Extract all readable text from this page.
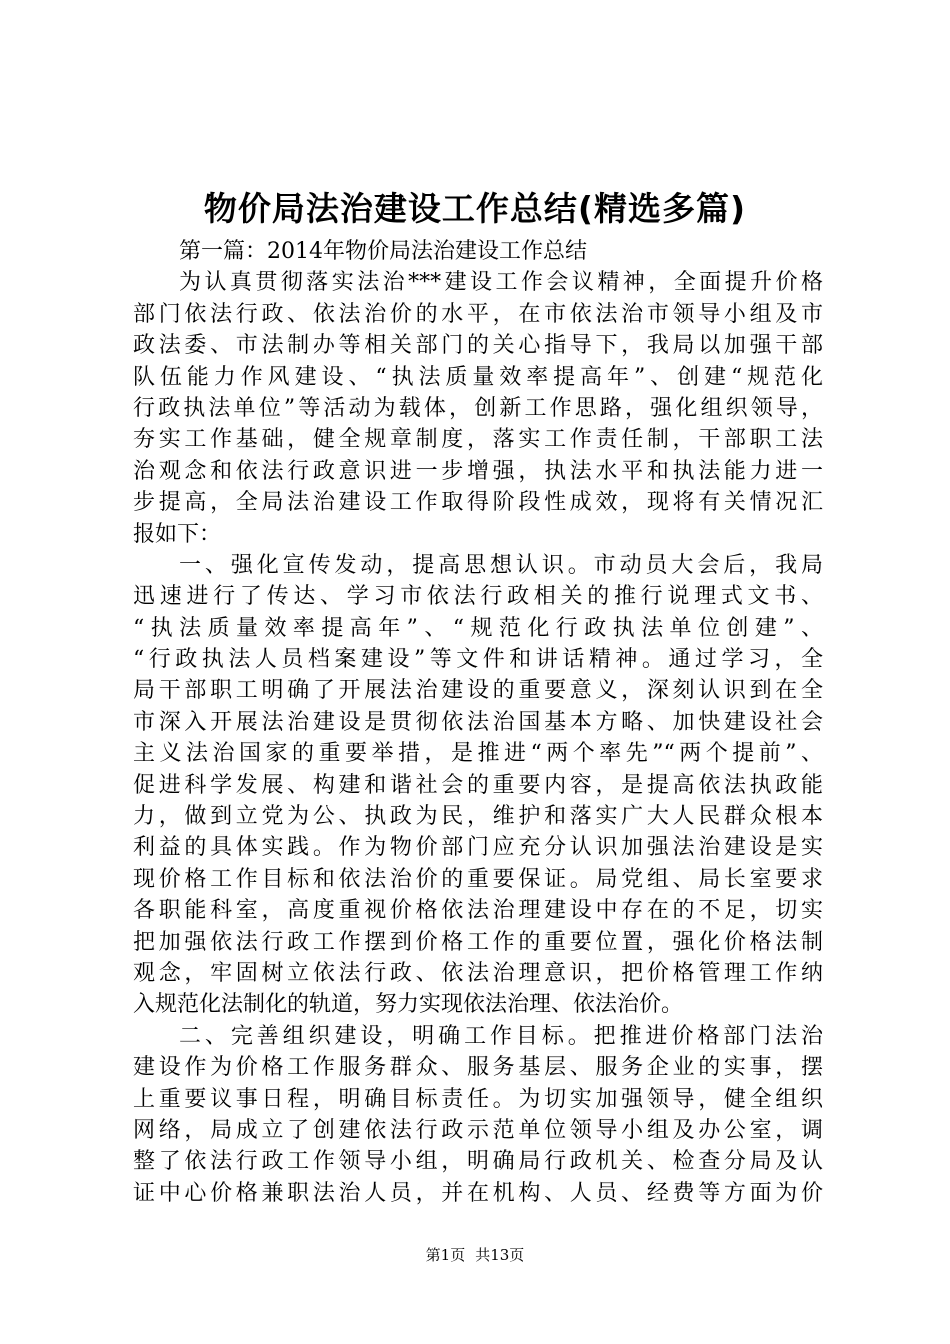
物价局法治建设工作总结(精选多篇)
第一篇：2014年物价局法治建设工作总结
为认真贯彻落实法治***建设工作会议精神，全面提升价格
部门依法行政、依法治价的水平，在市依法治市领导小组及市
政法委、市法制办等相关部门的关心指导下，我局以加强干部
队伍能力作风建设、“执法质量效率提高年”、创建“规范化
行政执法单位”等活动为载体，创新工作思路，强化组织领导，
夯实工作基础，健全规章制度，落实工作责任制，干部职工法
治观念和依法行政意识进一步增强，执法水平和执法能力进一
步提高，全局法治建设工作取得阶段性成效，现将有关情况汇
报如下：
一、强化宣传发动，提高思想认识。市动员大会后，我局
迅速进行了传达、学习市依法行政相关的推行说理式文书、
“执法质量效率提高年”、“规范化行政执法单位创建”、
“行政执法人员档案建设”等文件和讲话精神。通过学习，全
局干部职工明确了开展法治建设的重要意义，深刻认识到在全
市深入开展法治建设是贯彻依法治国基本方略、加快建设社会
主义法治国家的重要举措，是推进“两个率先”“两个提前”、
促进科学发展、构建和谐社会的重要内容，是提高依法执政能
力，做到立党为公、执政为民，维护和落实广大人民群众根本
利益的具体实践。作为物价部门应充分认识加强法治建设是实
现价格工作目标和依法治价的重要保证。局党组、局长室要求
各职能科室，高度重视价格依法治理建设中存在的不足，切实
把加强依法行政工作摆到价格工作的重要位置，强化价格法制
观念，牢固树立依法行政、依法治理意识，把价格管理工作纳
入规范化法制化的轨道，努力实现依法治理、依法治价。
二、完善组织建设，明确工作目标。把推进价格部门法治
建设作为价格工作服务群众、服务基层、服务企业的实事，摆
上重要议事日程，明确目标责任。为切实加强领导，健全组织
网络，局成立了创建依法行政示范单位领导小组及办公室，调
整了依法行政工作领导小组，明确局行政机关、检查分局及认
证中心价格兼职法治人员，并在机构、人员、经费等方面为价
第1页 共13页
